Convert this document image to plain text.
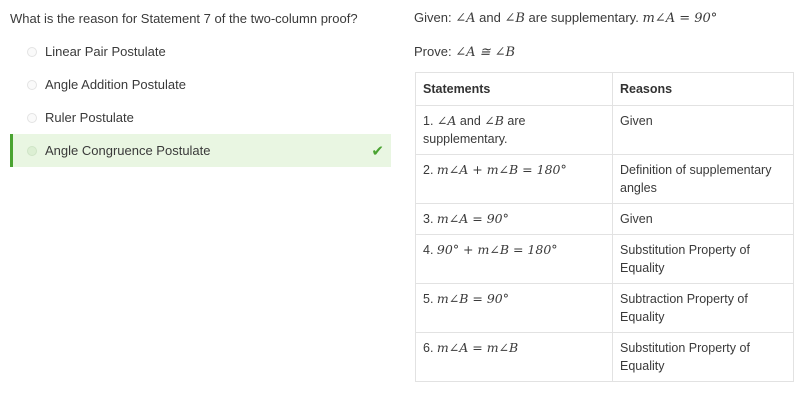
What is the reason for Statement 7 of the two-column proof?
Linear Pair Postulate
Angle Addition Postulate
Ruler Postulate
Angle Congruence Postulate	✔
Given: ∠A and ∠B are supplementary. m∠A = 90°
Prove: ∠A ≅ ∠B
Statements	Reasons
1. ∠A and ∠B are supplementary.	Given
2. m∠A + m∠B = 180°	Definition of supplementary angles
3. m∠A = 90°	Given
4. 90° + m∠B = 180°	Substitution Property of Equality
5. m∠B = 90°	Subtraction Property of Equality
6. m∠A = m∠B	Substitution Property of Equality
